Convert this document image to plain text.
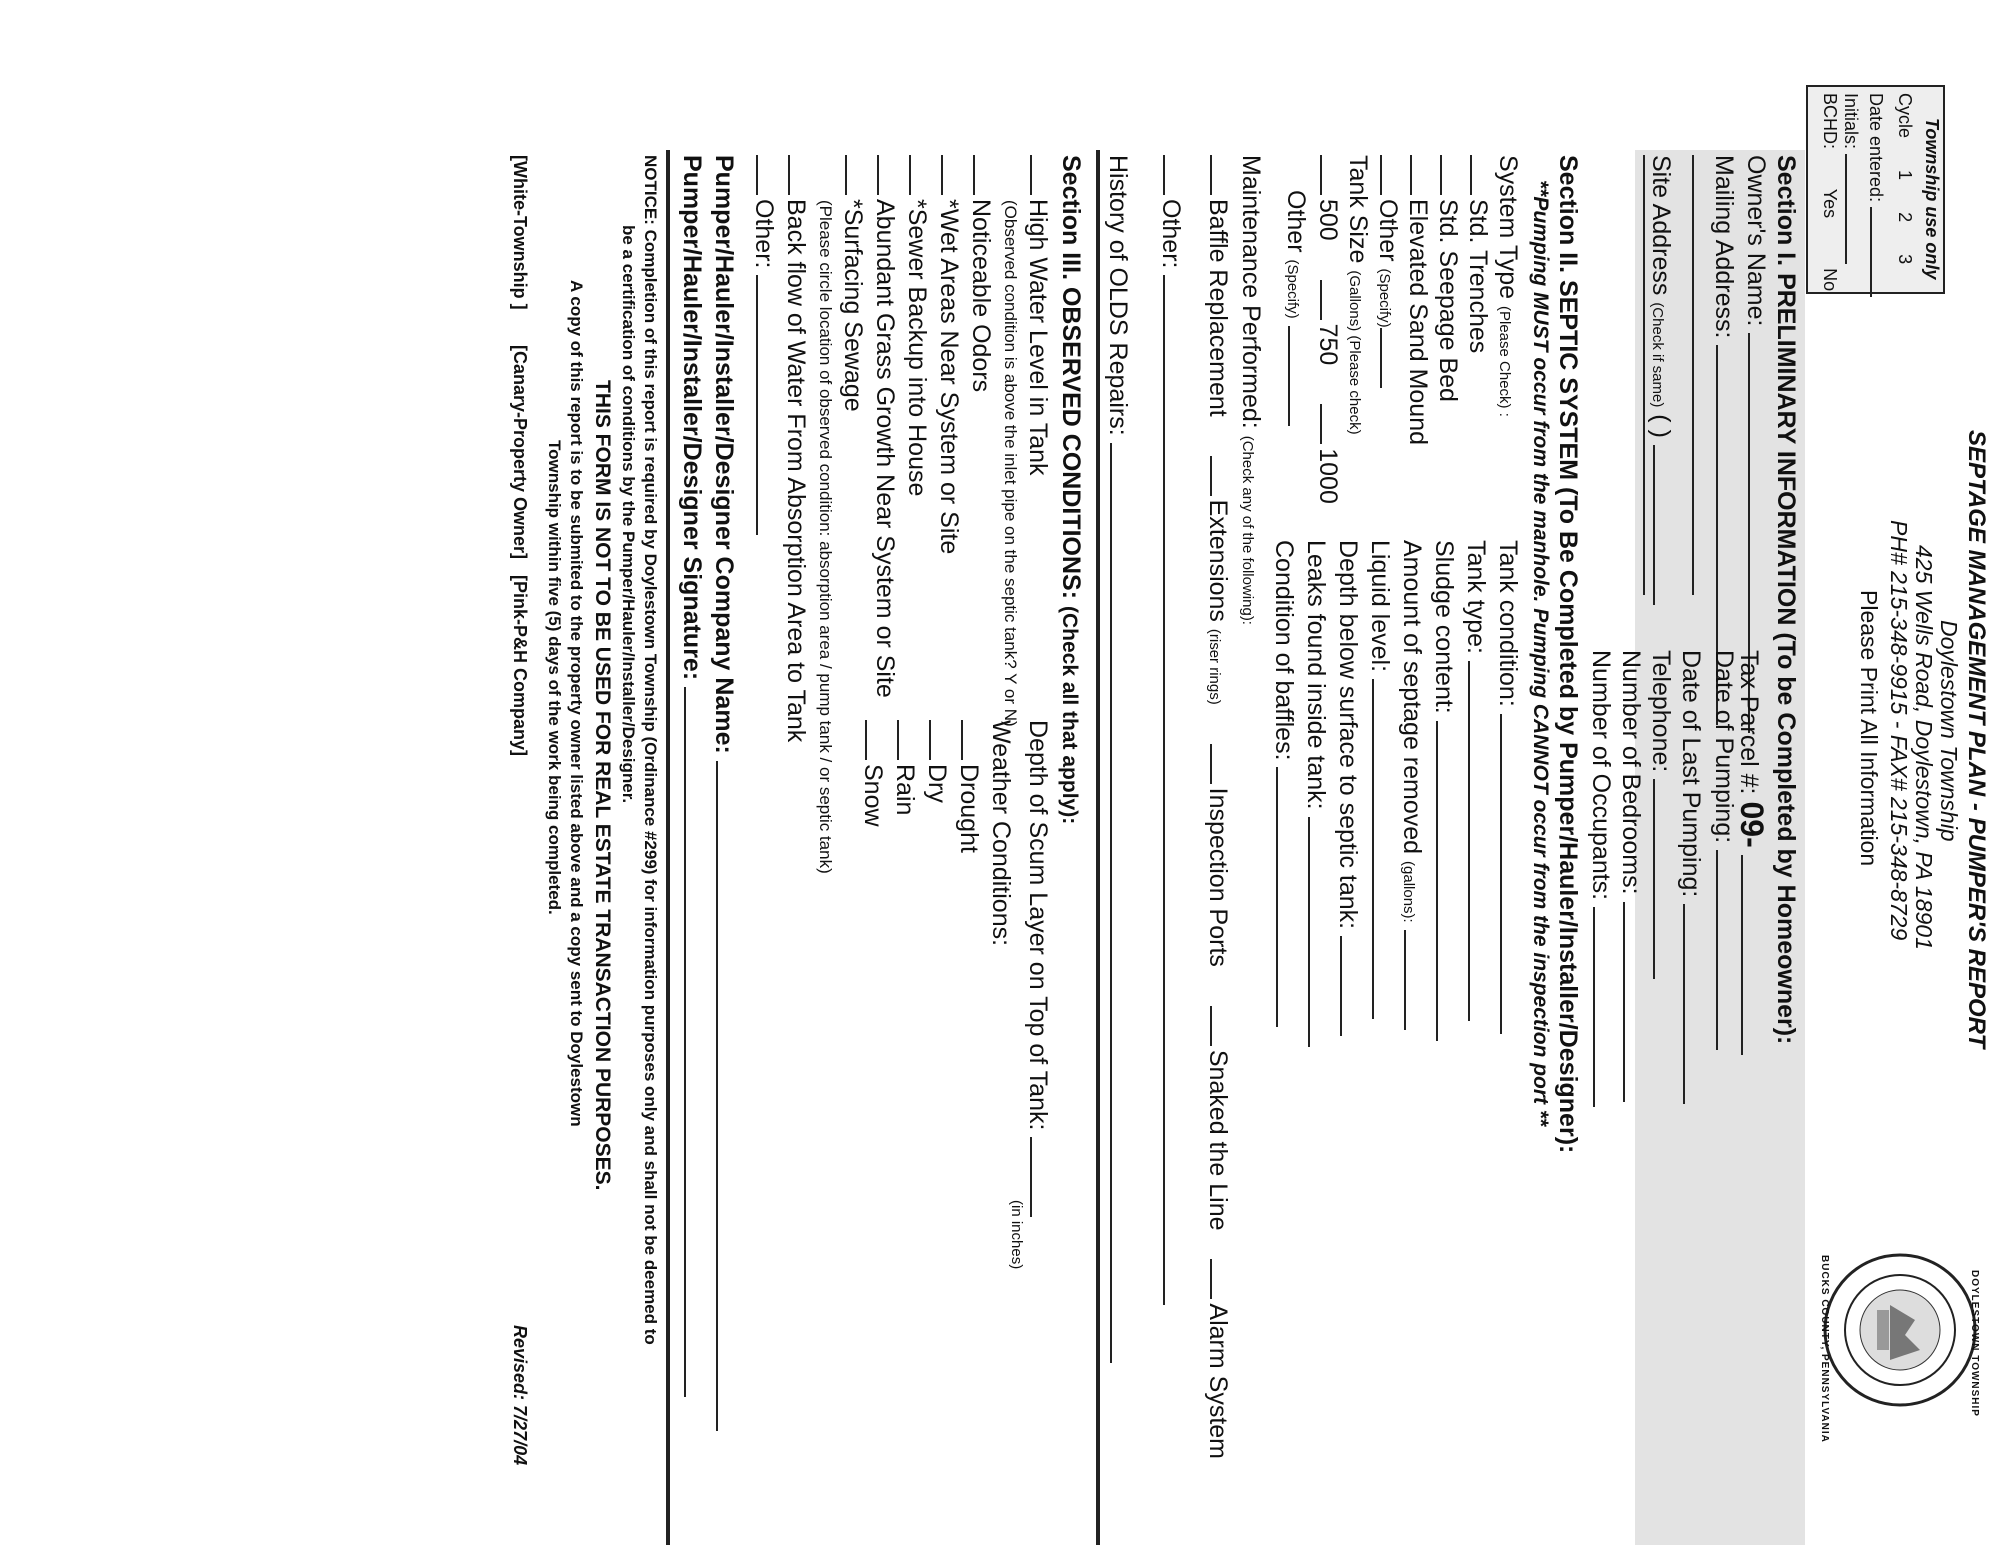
Township use only
Cycle  1  2  3
Date entered:
Initials:
BCHD:  Yes  No
SEPTAGE MANAGEMENT PLAN - PUMPER'S REPORT
Doylestown Township
425 Wells Road, Doylestown, PA 18901
PH# 215-348-9915 - FAX# 215-348-8729
Please Print All Information
DOYLESTOWN TOWNSHIP
BUCKS COUNTY, PENNSYLVANIA
Section I. PRELIMINARY INFORMATION (To be Completed by Homeowner):
Owner's Name:
Mailing Address:
Site Address (Check if same) ( )
Tax Parcel #: 09-
Date of Pumping:
Date of Last Pumping:
Telephone:
Number of Bedrooms:
Number of Occupants:
Section II. SEPTIC SYSTEM (To Be Completed by Pumper/Hauler/Installer/Designer):
**Pumping MUST occur from the manhole. Pumping CANNOT occur from the inspection port **
System Type (Please Check) :
Std. Trenches
Std. Seepage Bed
Elevated Sand Mound
Other (Specify)
Tank Size (Gallons) (Please check)
500  750  1000
Other (Specify)
Tank condition:
Tank type:
Sludge content:
Amount of septage removed (gallons):
Liquid level:
Depth below surface to septic tank:
Leaks found inside tank:
Condition of baffles:
Maintenance Performed: (Check any of the following):
Baffle Replacement  Extensions (riser rings)  Inspection Ports  Snaked the Line  Alarm System
Other:
History of OLDS Repairs:
Section III. OBSERVED CONDITIONS: (Check all that apply):
High Water Level in Tank
(Observed condition is above the inlet pipe on the septic tank? Y or N)
Noticeable Odors
*Wet Areas Near System or Site
*Sewer Backup into House
Abundant Grass Growth Near System or Site
*Surfacing Sewage
(Please circle location of observed condition: absorption area / pump tank / or septic tank)
Back flow of Water From Absorption Area to Tank
Other:
Depth of Scum Layer on Top of Tank:
(in inches)
Weather Conditions:
Drought
Dry
Rain
Snow
Pumper/Hauler/Installer/Designer Company Name:
Pumper/Hauler/Installer/Designer Signature:
NOTICE: Completion of this report is required by Doylestown Township (Ordinance #299) for information purposes only and shall not be deemed to
be a certification of conditions by the Pumper/Hauler/Installer/Designer.
THIS FORM IS NOT TO BE USED FOR REAL ESTATE TRANSACTION PURPOSES.
A copy of this report is to be submited to the property owner listed above and a copy sent to Doylestown
Township within five (5) days of the work being completed.
[White-Township ]
[Canary-Property Owner]
[Pink-P&H Company]
Revised: 7/27/04
